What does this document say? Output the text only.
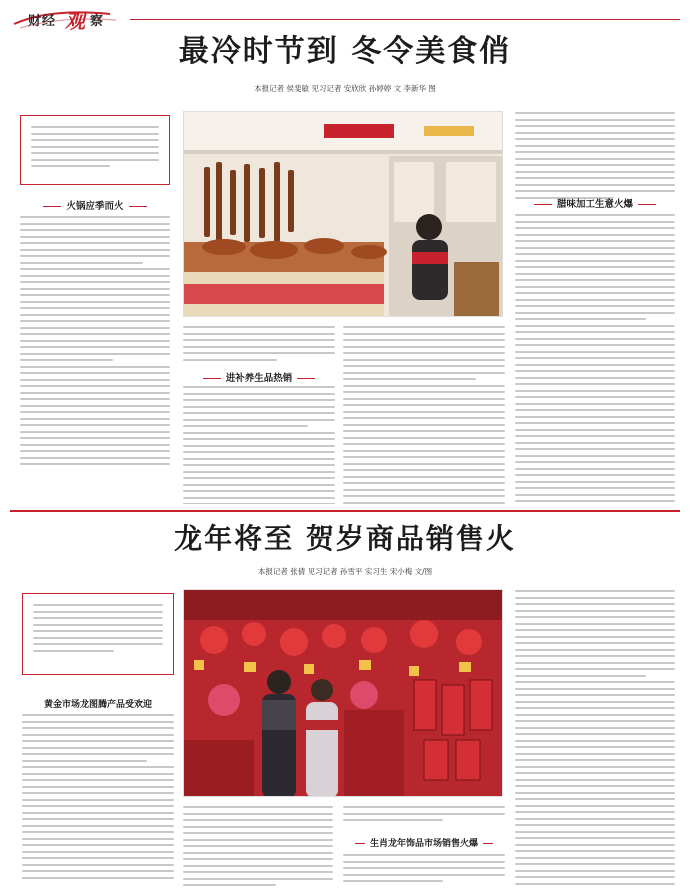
财经 观 察
最冷时节到 冬令美食俏
本报记者 侯斐敏 见习记者 安欣欣 孙婷婷 文 李新华 图
火锅应季而火
进补养生品热销
腊味加工生意火爆
龙年将至 贺岁商品销售火
本报记者 张倩 见习记者 孙雪平 实习生 宋小梅 文/图
黄金市场龙图腾产品受欢迎
生肖龙年饰品市场销售火爆
